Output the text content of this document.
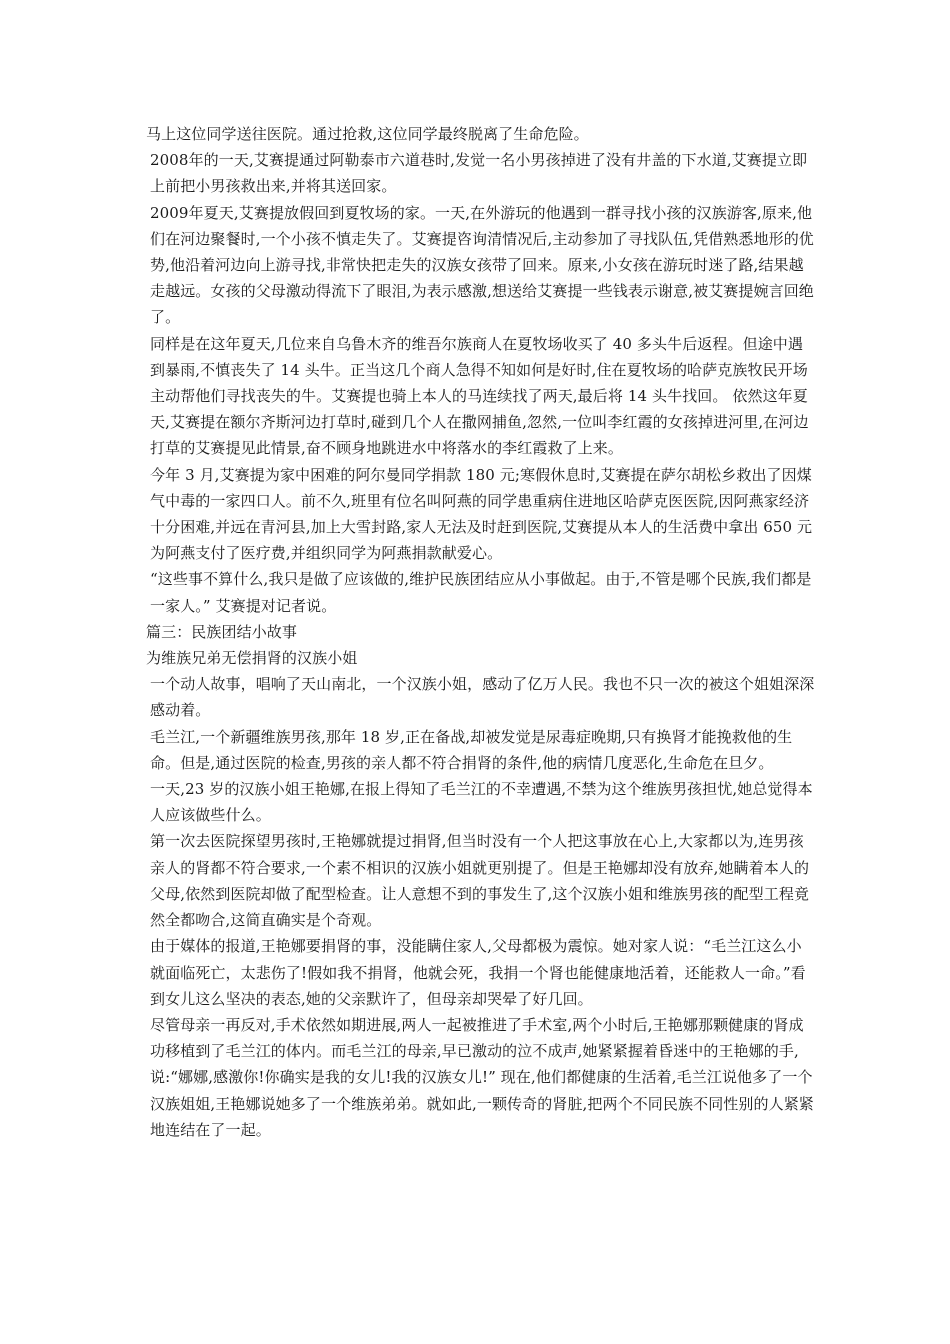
马上这位同学送往医院。通过抢救,这位同学最终脱离了生命危险。

2008年的一天,艾赛提通过阿勒泰市六道巷时,发觉一名小男孩掉进了没有井盖的下水道,艾赛提立即上前把小男孩救出来,并将其送回家。

2009年夏天,艾赛提放假回到夏牧场的家。一天,在外游玩的他遇到一群寻找小孩的汉族游客,原来,他们在河边聚餐时,一个小孩不慎走失了。艾赛提咨询清情况后,主动参加了寻找队伍,凭借熟悉地形的优势,他沿着河边向上游寻找,非常快把走失的汉族女孩带了回来。原来,小女孩在游玩时迷了路,结果越走越远。女孩的父母激动得流下了眼泪,为表示感激,想送给艾赛提一些钱表示谢意,被艾赛提婉言回绝了。

同样是在这年夏天,几位来自乌鲁木齐的维吾尔族商人在夏牧场收买了 40 多头牛后返程。但途中遇到暴雨,不慎丧失了 14 头牛。正当这几个商人急得不知如何是好时,住在夏牧场的哈萨克族牧民开场主动帮他们寻找丧失的牛。艾赛提也骑上本人的马连续找了两天,最后将 14 头牛找回。 依然这年夏天,艾赛提在额尔齐斯河边打草时,碰到几个人在撒网捕鱼,忽然,一位叫李红霞的女孩掉进河里,在河边打草的艾赛提见此情景,奋不顾身地跳进水中将落水的李红霞救了上来。

今年 3 月,艾赛提为家中困难的阿尔曼同学捐款 180 元;寒假休息时,艾赛提在萨尔胡松乡救出了因煤气中毒的一家四口人。前不久,班里有位名叫阿燕的同学患重病住进地区哈萨克医医院,因阿燕家经济十分困难,并远在青河县,加上大雪封路,家人无法及时赶到医院,艾赛提从本人的生活费中拿出 650 元为阿燕支付了医疗费,并组织同学为阿燕捐款献爱心。

“这些事不算什么,我只是做了应该做的,维护民族团结应从小事做起。由于,不管是哪个民族,我们都是一家人。” 艾赛提对记者说。

篇三：民族团结小故事

为维族兄弟无偿捐肾的汉族小姐

一个动人故事，唱响了天山南北，一个汉族小姐，感动了亿万人民。我也不只一次的被这个姐姐深深感动着。

毛兰江,一个新疆维族男孩,那年 18 岁,正在备战,却被发觉是尿毒症晚期,只有换肾才能挽救他的生命。但是,通过医院的检查,男孩的亲人都不符合捐肾的条件,他的病情几度恶化,生命危在旦夕。

一天,23 岁的汉族小姐王艳娜,在报上得知了毛兰江的不幸遭遇,不禁为这个维族男孩担忧,她总觉得本人应该做些什么。

第一次去医院探望男孩时,王艳娜就提过捐肾,但当时没有一个人把这事放在心上,大家都以为,连男孩亲人的肾都不符合要求,一个素不相识的汉族小姐就更别提了。但是王艳娜却没有放弃,她瞒着本人的父母,依然到医院却做了配型检查。让人意想不到的事发生了,这个汉族小姐和维族男孩的配型工程竟然全都吻合,这简直确实是个奇观。

由于媒体的报道,王艳娜要捐肾的事，没能瞒住家人,父母都极为震惊。她对家人说：“毛兰江这么小就面临死亡，太悲伤了!假如我不捐肾，他就会死，我捐一个肾也能健康地活着，还能救人一命。”看到女儿这么坚决的表态,她的父亲默许了，但母亲却哭晕了好几回。

尽管母亲一再反对,手术依然如期进展,两人一起被推进了手术室,两个小时后,王艳娜那颗健康的肾成功移植到了毛兰江的体内。而毛兰江的母亲,早已激动的泣不成声,她紧紧握着昏迷中的王艳娜的手,说:“娜娜,感激你!你确实是我的女儿!我的汉族女儿!” 现在,他们都健康的生活着,毛兰江说他多了一个汉族姐姐,王艳娜说她多了一个维族弟弟。就如此,一颗传奇的肾脏,把两个不同民族不同性别的人紧紧地连结在了一起。
